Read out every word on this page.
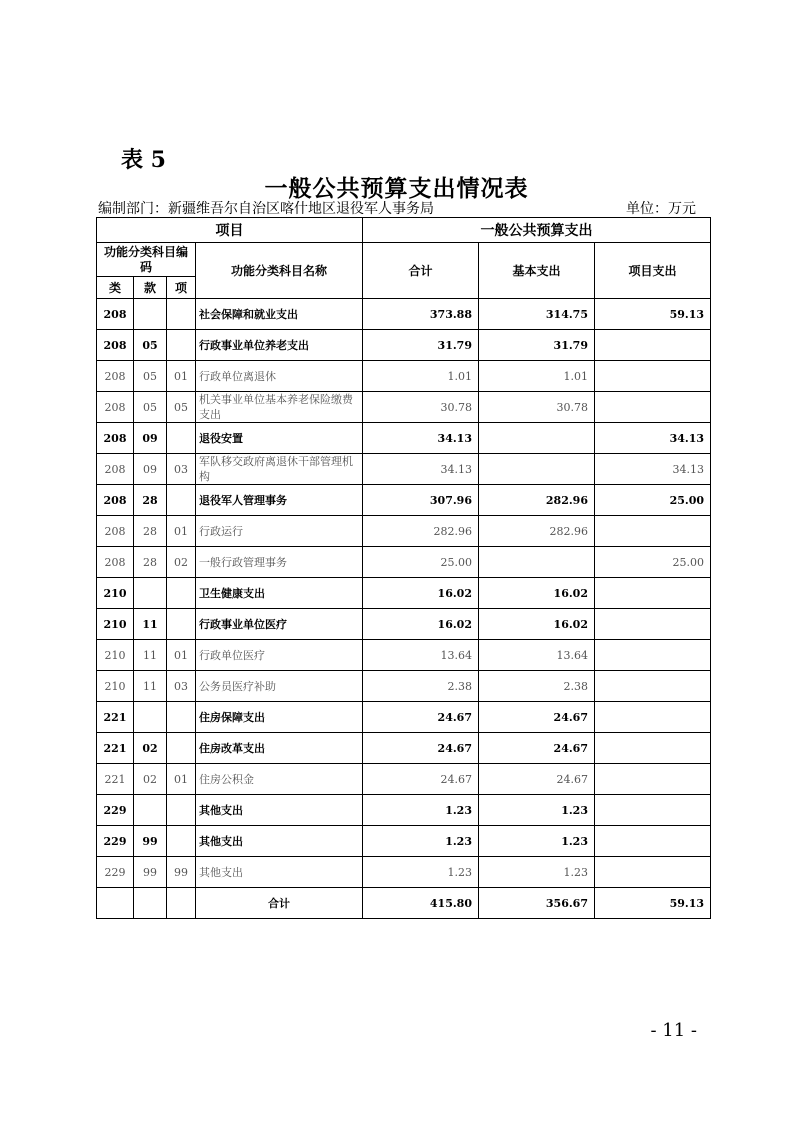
表 5
一般公共预算支出情况表
编制部门：新疆维吾尔自治区喀什地区退役军人事务局	单位：万元
项目				一般公共预算支出		
功能分类科目编码			功能分类科目名称	合计	基本支出	项目支出
类	款	项				
208			社会保障和就业支出	373.88	314.75	59.13
208	05		行政事业单位养老支出	31.79	31.79	
208	05	01	行政单位离退休	1.01	1.01	
208	05	05	机关事业单位基本养老保险缴费支出	30.78	30.78	
208	09		退役安置	34.13		34.13
208	09	03	军队移交政府离退休干部管理机构	34.13		34.13
208	28		退役军人管理事务	307.96	282.96	25.00
208	28	01	行政运行	282.96	282.96	
208	28	02	一般行政管理事务	25.00		25.00
210			卫生健康支出	16.02	16.02	
210	11		行政事业单位医疗	16.02	16.02	
210	11	01	行政单位医疗	13.64	13.64	
210	11	03	公务员医疗补助	2.38	2.38	
221			住房保障支出	24.67	24.67	
221	02		住房改革支出	24.67	24.67	
221	02	01	住房公积金	24.67	24.67	
229			其他支出	1.23	1.23	
229	99		其他支出	1.23	1.23	
229	99	99	其他支出	1.23	1.23	
			合计	415.80	356.67	59.13
- 11 -
